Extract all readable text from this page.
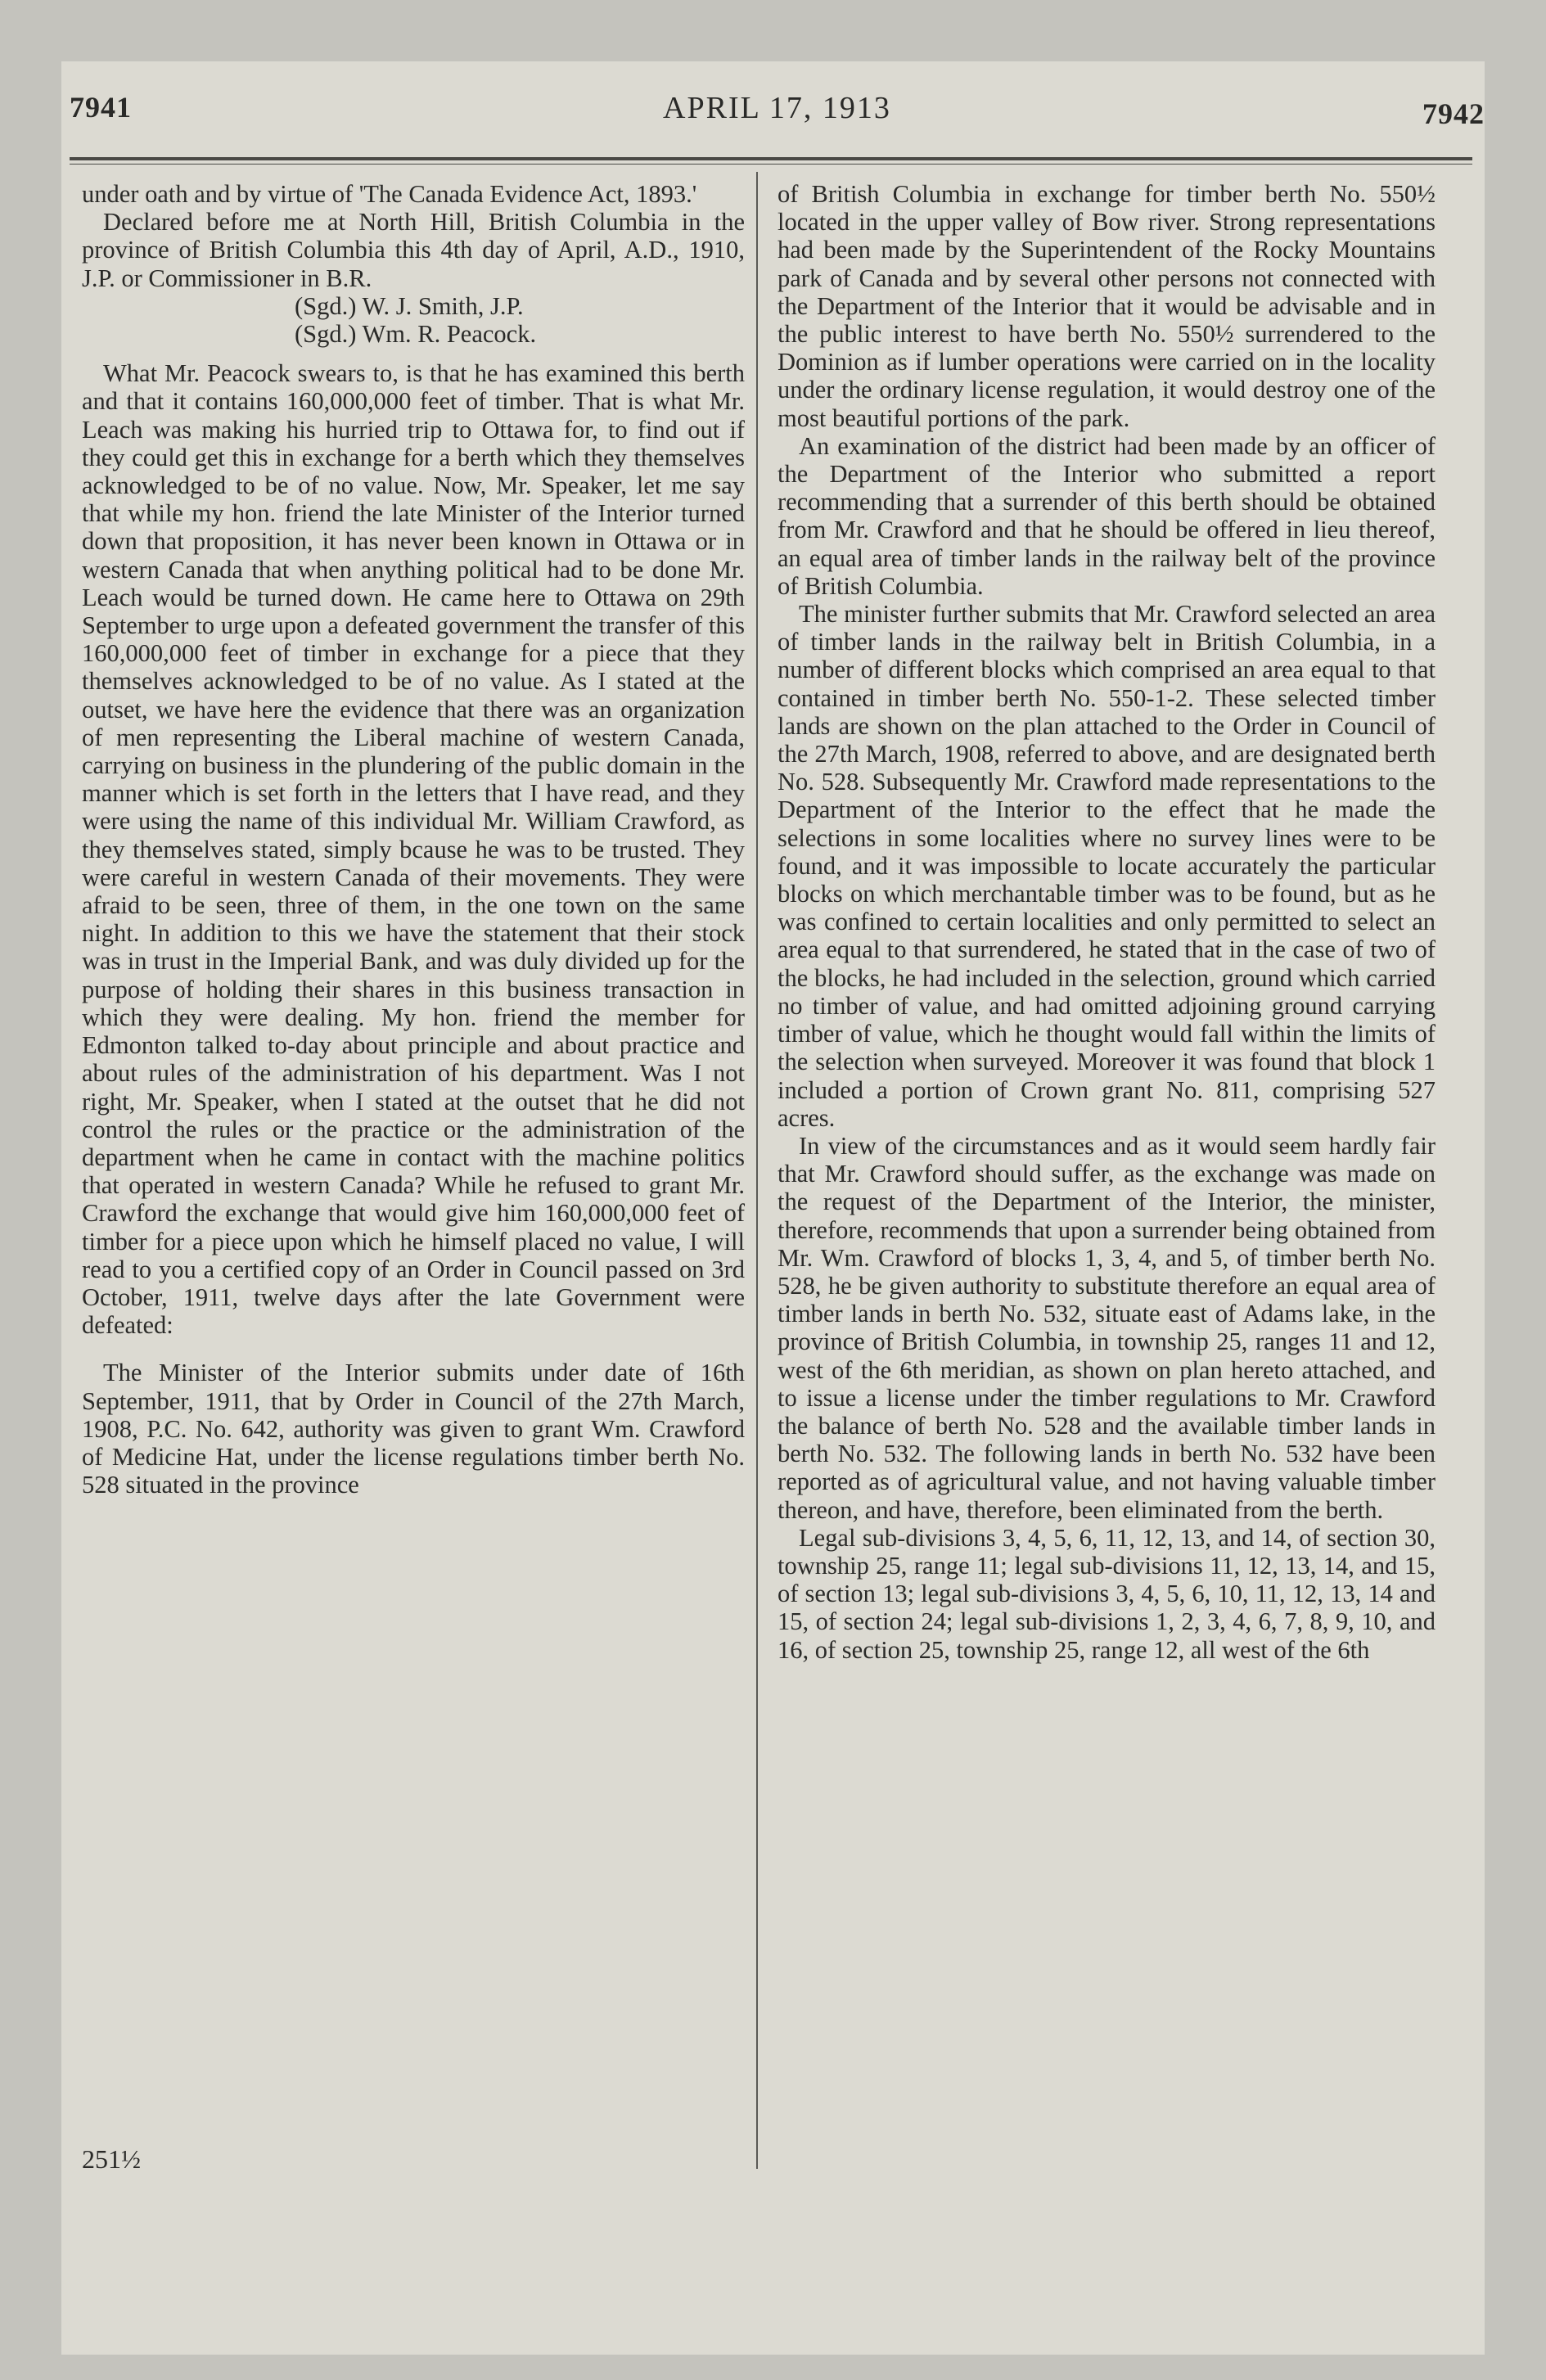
7941	APRIL 17, 1913	7942

under oath and by virtue of 'The Canada Evidence Act, 1893.'

Declared before me at North Hill, British Columbia in the province of British Columbia this 4th day of April, A.D., 1910, J.P. or Commissioner in B.R.

(Sgd.) W. J. Smith, J.P.

(Sgd.) Wm. R. Peacock.

What Mr. Peacock swears to, is that he has examined this berth and that it contains 160,000,000 feet of timber. That is what Mr. Leach was making his hurried trip to Ottawa for, to find out if they could get this in exchange for a berth which they themselves acknowledged to be of no value. Now, Mr. Speaker, let me say that while my hon. friend the late Minister of the Interior turned down that proposition, it has never been known in Ottawa or in western Canada that when anything political had to be done Mr. Leach would be turned down. He came here to Ottawa on 29th September to urge upon a defeated government the transfer of this 160,000,000 feet of timber in exchange for a piece that they themselves acknowledged to be of no value. As I stated at the outset, we have here the evidence that there was an organization of men representing the Liberal machine of western Canada, carrying on business in the plundering of the public domain in the manner which is set forth in the letters that I have read, and they were using the name of this individual Mr. William Crawford, as they themselves stated, simply bcause he was to be trusted. They were careful in western Canada of their movements. They were afraid to be seen, three of them, in the one town on the same night. In addition to this we have the statement that their stock was in trust in the Imperial Bank, and was duly divided up for the purpose of holding their shares in this business transaction in which they were dealing. My hon. friend the member for Edmonton talked to-day about principle and about practice and about rules of the administration of his department. Was I not right, Mr. Speaker, when I stated at the outset that he did not control the rules or the practice or the administration of the department when he came in contact with the machine politics that operated in western Canada? While he refused to grant Mr. Crawford the exchange that would give him 160,000,000 feet of timber for a piece upon which he himself placed no value, I will read to you a certified copy of an Order in Council passed on 3rd October, 1911, twelve days after the late Government were defeated:

The Minister of the Interior submits under date of 16th September, 1911, that by Order in Council of the 27th March, 1908, P.C. No. 642, authority was given to grant Wm. Crawford of Medicine Hat, under the license regulations timber berth No. 528 situated in the province

of British Columbia in exchange for timber berth No. 550½ located in the upper valley of Bow river. Strong representations had been made by the Superintendent of the Rocky Mountains park of Canada and by several other persons not connected with the Department of the Interior that it would be advisable and in the public interest to have berth No. 550½ surrendered to the Dominion as if lumber operations were carried on in the locality under the ordinary license regulation, it would destroy one of the most beautiful portions of the park.

An examination of the district had been made by an officer of the Department of the Interior who submitted a report recommending that a surrender of this berth should be obtained from Mr. Crawford and that he should be offered in lieu thereof, an equal area of timber lands in the railway belt of the province of British Columbia.

The minister further submits that Mr. Crawford selected an area of timber lands in the railway belt in British Columbia, in a number of different blocks which comprised an area equal to that contained in timber berth No. 550-1-2. These selected timber lands are shown on the plan attached to the Order in Council of the 27th March, 1908, referred to above, and are designated berth No. 528. Subsequently Mr. Crawford made representations to the Department of the Interior to the effect that he made the selections in some localities where no survey lines were to be found, and it was impossible to locate accurately the particular blocks on which merchantable timber was to be found, but as he was confined to certain localities and only permitted to select an area equal to that surrendered, he stated that in the case of two of the blocks, he had included in the selection, ground which carried no timber of value, and had omitted adjoining ground carrying timber of value, which he thought would fall within the limits of the selection when surveyed. Moreover it was found that block 1 included a portion of Crown grant No. 811, comprising 527 acres.

In view of the circumstances and as it would seem hardly fair that Mr. Crawford should suffer, as the exchange was made on the request of the Department of the Interior, the minister, therefore, recommends that upon a surrender being obtained from Mr. Wm. Crawford of blocks 1, 3, 4, and 5, of timber berth No. 528, he be given authority to substitute therefore an equal area of timber lands in berth No. 532, situate east of Adams lake, in the province of British Columbia, in township 25, ranges 11 and 12, west of the 6th meridian, as shown on plan hereto attached, and to issue a license under the timber regulations to Mr. Crawford the balance of berth No. 528 and the available timber lands in berth No. 532. The following lands in berth No. 532 have been reported as of agricultural value, and not having valuable timber thereon, and have, therefore, been eliminated from the berth.

Legal sub-divisions 3, 4, 5, 6, 11, 12, 13, and 14, of section 30, township 25, range 11; legal sub-divisions 11, 12, 13, 14, and 15, of section 13; legal sub-divisions 3, 4, 5, 6, 10, 11, 12, 13, 14 and 15, of section 24; legal sub-divisions 1, 2, 3, 4, 6, 7, 8, 9, 10, and 16, of section 25, township 25, range 12, all west of the 6th

251½
